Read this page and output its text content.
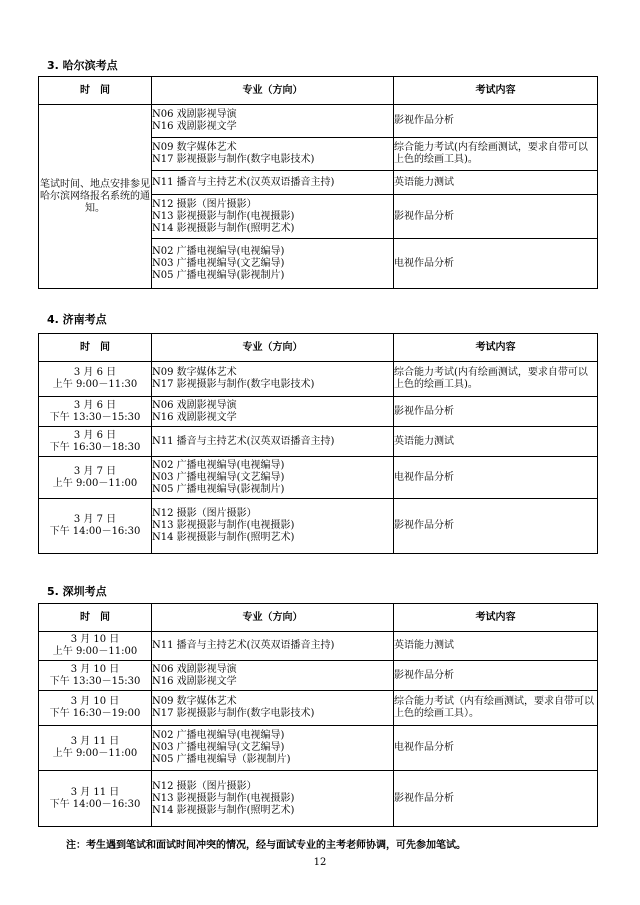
3. 哈尔滨考点
时　间	专业（方向）	考试内容

笔试时间、地点安排参见哈尔滨网络报名系统的通知。	N06 戏剧影视导演
N16 戏剧影视文学	影视作品分析

	N09 数字媒体艺术
N17 影视摄影与制作(数字电影技术)	综合能力考试(内有绘画测试，要求自带可以上色的绘画工具)。

	N11 播音与主持艺术(汉英双语播音主持)	英语能力测试

	N12 摄影（图片摄影）
N13 影视摄影与制作(电视摄影)
N14 影视摄影与制作(照明艺术)	影视作品分析

	N02 广播电视编导(电视编导)
N03 广播电视编导(文艺编导)
N05 广播电视编导(影视制片)	电视作品分析
4. 济南考点
时　间	专业（方向）	考试内容

3 月 6 日
上午 9:00－11:30	N09 数字媒体艺术
N17 影视摄影与制作(数字电影技术)	综合能力考试(内有绘画测试，要求自带可以上色的绘画工具)。

3 月 6 日
下午 13:30－15:30	N06 戏剧影视导演
N16 戏剧影视文学	影视作品分析

3 月 6 日
下午 16:30－18:30	N11 播音与主持艺术(汉英双语播音主持)	英语能力测试

3 月 7 日
上午 9:00－11:00	N02 广播电视编导(电视编导)
N03 广播电视编导(文艺编导)
N05 广播电视编导(影视制片)	电视作品分析

3 月 7 日
下午 14:00－16:30	N12 摄影（图片摄影）
N13 影视摄影与制作(电视摄影)
N14 影视摄影与制作(照明艺术)	影视作品分析
5. 深圳考点
时　间	专业（方向）	考试内容

3 月 10 日
上午 9:00－11:00	N11 播音与主持艺术(汉英双语播音主持)	英语能力测试

3 月 10 日
下午 13:30－15:30	N06 戏剧影视导演
N16 戏剧影视文学	影视作品分析

3 月 10 日
下午 16:30－19:00	N09 数字媒体艺术
N17 影视摄影与制作(数字电影技术)	综合能力考试（内有绘画测试，要求自带可以上色的绘画工具）。

3 月 11 日
上午 9:00－11:00	N02 广播电视编导(电视编导)
N03 广播电视编导(文艺编导)
N05 广播电视编导（影视制片)	电视作品分析

3 月 11 日
下午 14:00－16:30	N12 摄影（图片摄影）
N13 影视摄影与制作(电视摄影)
N14 影视摄影与制作(照明艺术)	影视作品分析
注：考生遇到笔试和面试时间冲突的情况，经与面试专业的主考老师协调，可先参加笔试。
12
